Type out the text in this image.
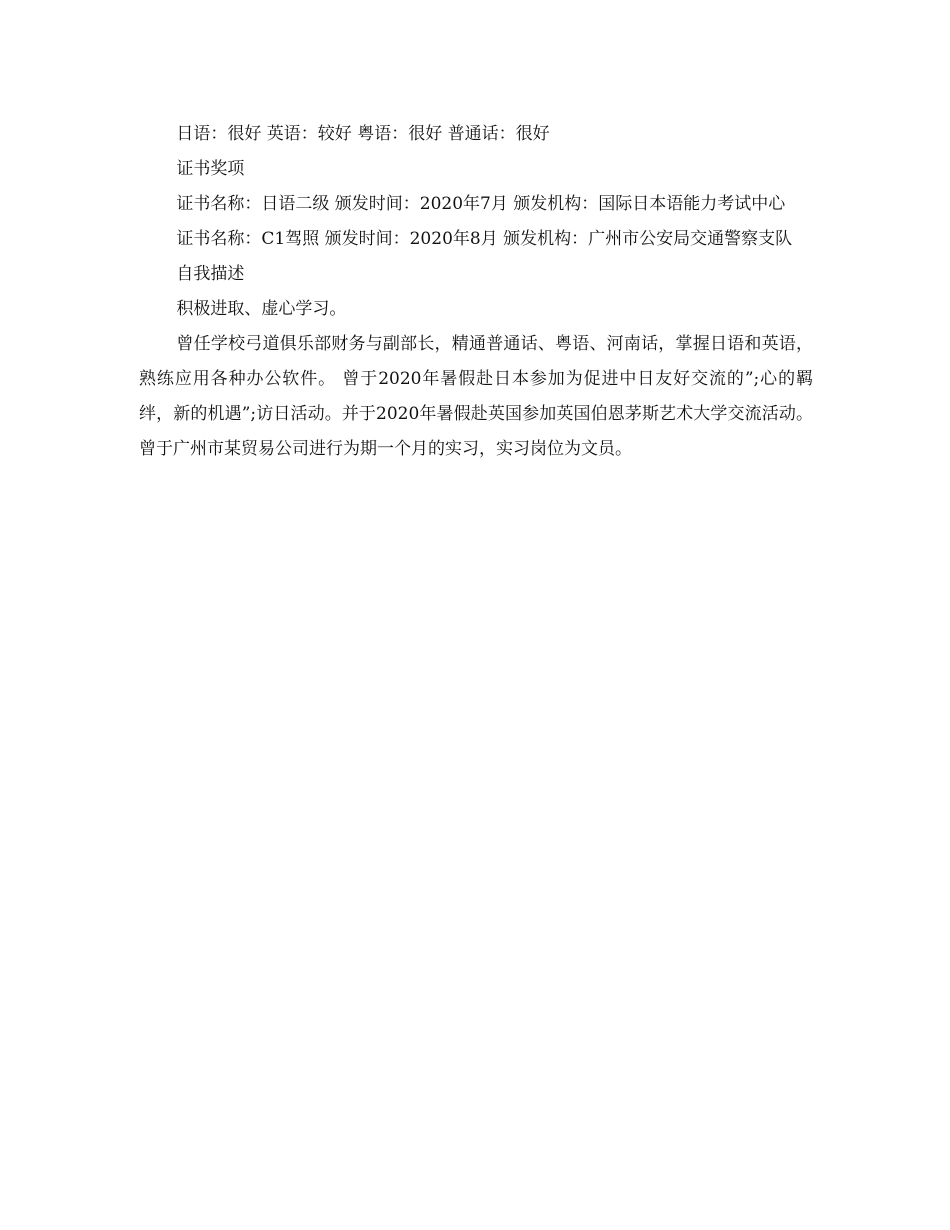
日语：很好 英语：较好 粤语：很好 普通话：很好

证书奖项

证书名称：日语二级 颁发时间：2020年7月 颁发机构：国际日本语能力考试中心

证书名称：C1驾照 颁发时间：2020年8月 颁发机构：广州市公安局交通警察支队

自我描述

积极进取、虚心学习。

曾任学校弓道俱乐部财务与副部长，精通普通话、粤语、河南话，掌握日语和英语，熟练应用各种办公软件。 曾于2020年暑假赴日本参加为促进中日友好交流的”;心的羁绊，新的机遇”;访日活动。并于2020年暑假赴英国参加英国伯恩茅斯艺术大学交流活动。 曾于广州市某贸易公司进行为期一个月的实习，实习岗位为文员。
